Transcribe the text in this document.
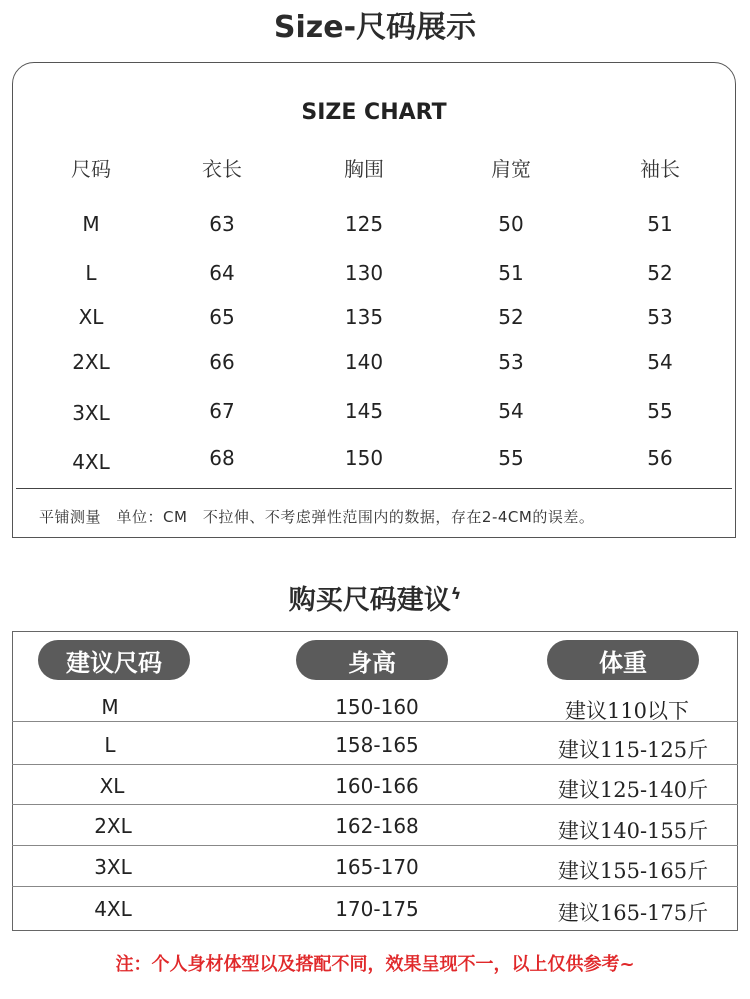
Size-尺码展示
SIZE CHART
尺码	衣长	胸围	肩宽	袖长
M	63	125	50	51
L	64	130	51	52
XL	65	135	52	53
2XL	66	140	53	54
3XL	67	145	54	55
4XL	68	150	55	56
平铺测量　单位：CM　不拉伸、不考虑弹性范围内的数据，存在2-4CM的误差。
购买尺码建议$^ϟ$
建议尺码	身高	体重
M	150-160	建议110以下
L	158-165	建议115-125斤
XL	160-166	建议125-140斤
2XL	162-168	建议140-155斤
3XL	165-170	建议155-165斤
4XL	170-175	建议165-175斤
注：个人身材体型以及搭配不同，效果呈现不一，以上仅供参考~
